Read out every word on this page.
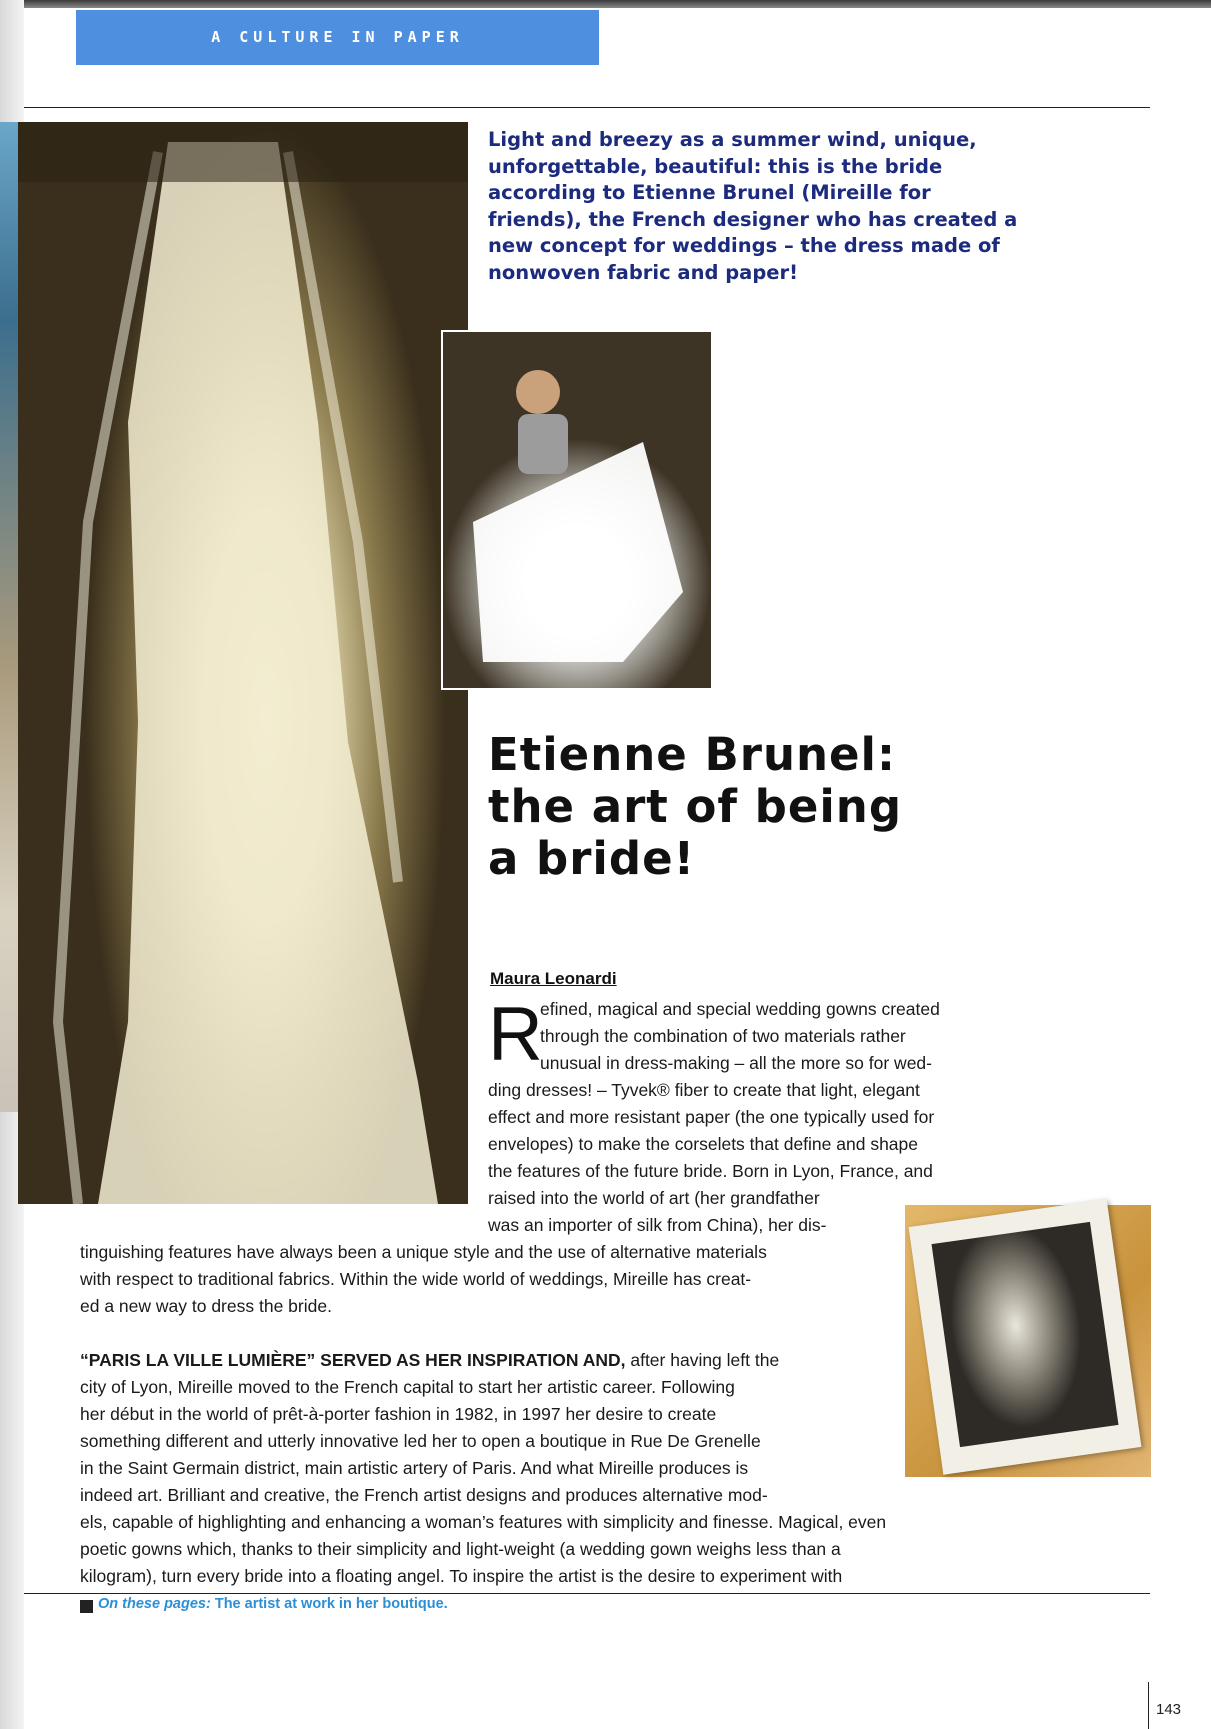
A CULTURE IN PAPER
Light and breezy as a summer wind, unique, unforgettable, beautiful: this is the bride according to Etienne Brunel (Mireille for friends), the French designer who has created a new concept for weddings – the dress made of nonwoven fabric and paper!
Etienne Brunel:
the art of being
a bride!
Maura Leonardi
R
efined, magical and special wedding gowns created
through the combination of two materials rather
unusual in dress-making – all the more so for wed-
ding dresses! – Tyvek® fiber to create that light, elegant
effect and more resistant paper (the one typically used for
envelopes) to make the corselets that define and shape
the features of the future bride. Born in Lyon, France, and
raised into the world of art (her grandfather
was an importer of silk from China), her dis-
tinguishing features have always been a unique style and the use of alternative materials
with respect to traditional fabrics. Within the wide world of weddings, Mireille has creat-
ed a new way to dress the bride.
“PARIS LA VILLE LUMIÈRE” SERVED AS HER INSPIRATION AND, after having left the
city of Lyon, Mireille moved to the French capital to start her artistic career. Following
her début in the world of prêt-à-porter fashion in 1982, in 1997 her desire to create
something different and utterly innovative led her to open a boutique in Rue De Grenelle
in the Saint Germain district, main artistic artery of Paris. And what Mireille produces is
indeed art. Brilliant and creative, the French artist designs and produces alternative mod-
els, capable of highlighting and enhancing a woman’s features with simplicity and finesse. Magical, even
poetic gowns which, thanks to their simplicity and light-weight (a wedding gown weighs less than a
kilogram), turn every bride into a floating angel. To inspire the artist is the desire to experiment with
On these pages: The artist at work in her boutique.
143
